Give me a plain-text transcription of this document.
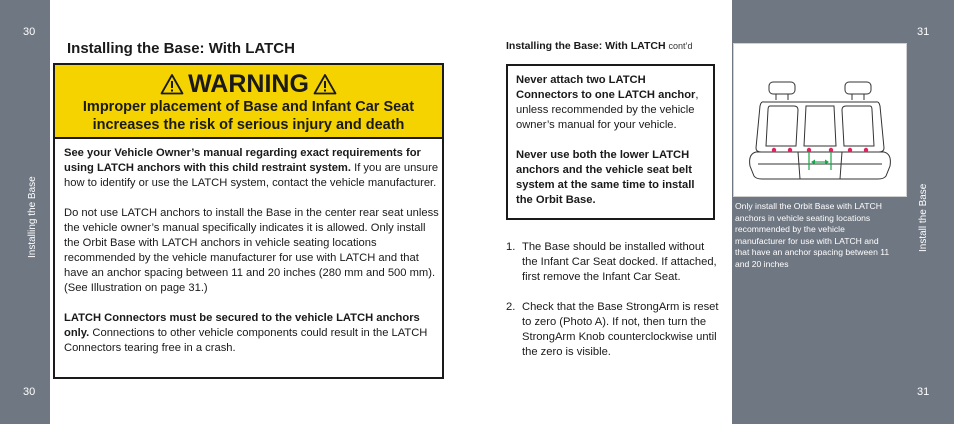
30
30
31
31
Installing the Base	Install the Base
Installing the Base: With LATCH
WARNING
Improper placement of Base and Infant Car Seat
increases the risk of serious injury and death

See your Vehicle Owner’s manual regarding exact requirements for using LATCH anchors with this child restraint system. If you are unsure how to identify or use the LATCH system, contact the vehicle manufacturer.

Do not use LATCH anchors to install the Base in the center rear seat unless the vehicle owner’s manual specifically indicates it is allowed. Only install the Orbit Base with LATCH anchors in vehicle seating locations recommended by the vehicle manufacturer for use with LATCH and that have an anchor spacing between 11 and 20 inches (280 mm and 500 mm). (See Illustration on page 31.)

LATCH Connectors must be secured to the vehicle LATCH anchors only. Connections to other vehicle components could result in the LATCH Connectors tearing free in a crash.

Installing the Base: With LATCH cont’d

Never attach two LATCH Connectors to one LATCH anchor, unless recommended by the vehicle owner’s manual for your vehicle.

Never use both the lower LATCH anchors and the vehicle seat belt system at the same time to install the Orbit Base.

1. The Base should be installed without the Infant Car Seat docked. If attached, first remove the Infant Car Seat.
2. Check that the Base StrongArm is reset to zero (Photo A). If not, then turn the StrongArm Knob counterclockwise until the zero is visible.
Only install the Orbit Base with LATCH anchors in vehicle seating locations recommended by the vehicle manufacturer for use with LATCH and that have an anchor spacing between 11 and 20 inches
